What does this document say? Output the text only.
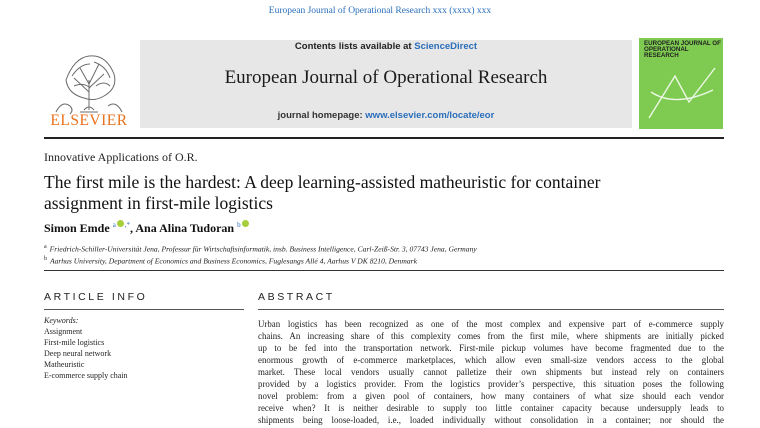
European Journal of Operational Research xxx (xxxx) xxx
ELSEVIER
Contents lists available at ScienceDirect
European Journal of Operational Research
journal homepage: www.elsevier.com/locate/eor
EUROPEAN JOURNAL OF OPERATIONAL RESEARCH
Innovative Applications of O.R.
The first mile is the hardest: A deep learning-assisted matheuristic for container assignment in first-mile logistics
Simon Emde $^a$ ,*, Ana Alina Tudoran $^b$
$^a$ Friedrich-Schiller-Universität Jena, Professur für Wirtschaftsinformatik, insb. Business Intelligence, Carl-Zeiß-Str. 3, 07743 Jena, Germany
$^b$ Aarhus University, Department of Economics and Business Economics, Fuglesangs Allé 4, Aarhus V DK 8210, Denmark
ARTICLE INFO
Keywords:
Assignment
First-mile logistics
Deep neural network
Matheuristic
E-commerce supply chain
ABSTRACT
Urban logistics has been recognized as one of the most complex and expensive part of e-commerce supply
chains. An increasing share of this complexity comes from the first mile, where shipments are initially picked
up to be fed into the transportation network. First-mile pickup volumes have become fragmented due to the
enormous growth of e-commerce marketplaces, which allow even small-size vendors access to the global
market. These local vendors usually cannot palletize their own shipments but instead rely on containers
provided by a logistics provider. From the logistics provider’s perspective, this situation poses the following
novel problem: from a given pool of containers, how many containers of what size should each vendor
receive when? It is neither desirable to supply too little container capacity because undersupply leads to
shipments being loose-loaded, i.e., loaded individually without consolidation in a container; nor should the
